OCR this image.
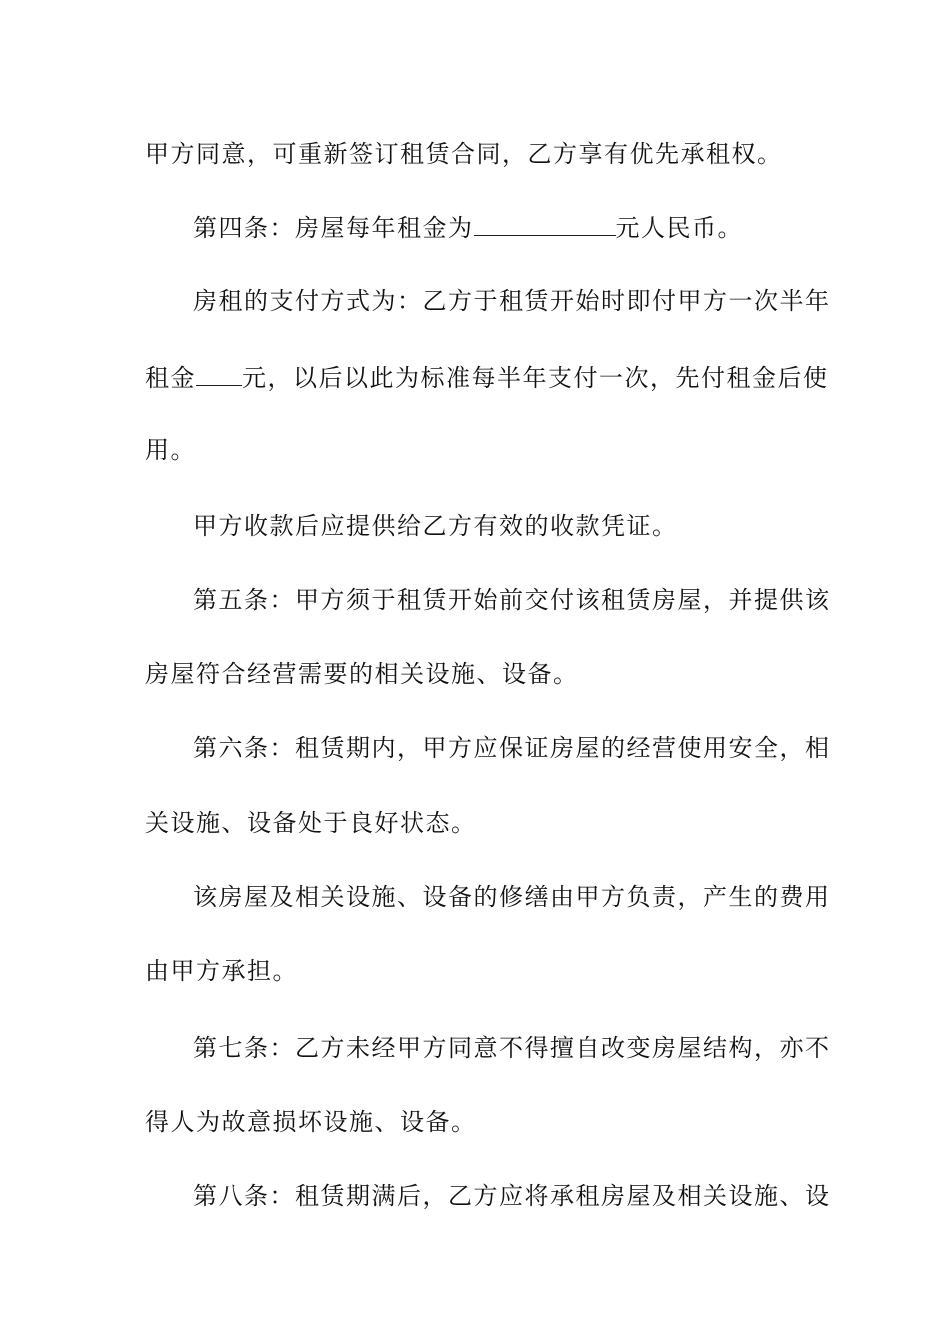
甲方同意，可重新签订租赁合同，乙方享有优先承租权。
第四条：房屋每年租金为	元人民币。
房租的支付方式为：乙方于租赁开始时即付甲方一次半年
租金 元，以后以此为标准每半年支付一次，先付租金后使
用。
甲方收款后应提供给乙方有效的收款凭证。
第五条：甲方须于租赁开始前交付该租赁房屋，并提供该
房屋符合经营需要的相关设施、设备。
第六条：租赁期内，甲方应保证房屋的经营使用安全，相
关设施、设备处于良好状态。
该房屋及相关设施、设备的修缮由甲方负责，产生的费用
由甲方承担。
第七条：乙方未经甲方同意不得擅自改变房屋结构，亦不
得人为故意损坏设施、设备。
第八条：租赁期满后，乙方应将承租房屋及相关设施、设
